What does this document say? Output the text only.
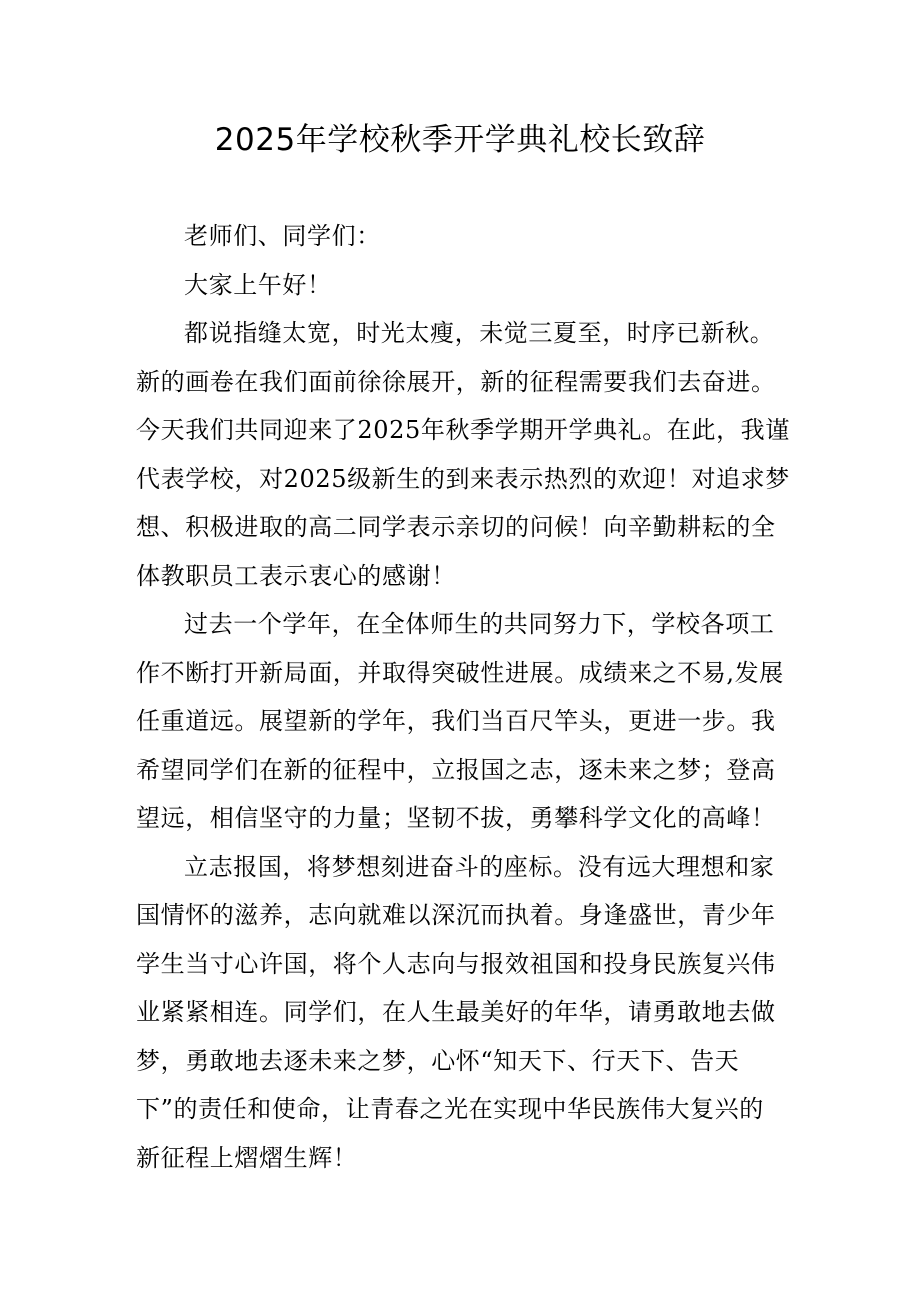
2025年学校秋季开学典礼校长致辞

老师们、同学们：

大家上午好！

都说指缝太宽，时光太瘦，未觉三夏至，时序已新秋。
新的画卷在我们面前徐徐展开，新的征程需要我们去奋进。
今天我们共同迎来了2025年秋季学期开学典礼。在此，我谨
代表学校，对2025级新生的到来表示热烈的欢迎！对追求梦
想、积极进取的高二同学表示亲切的问候！向辛勤耕耘的全
体教职员工表示衷心的感谢！
过去一个学年，在全体师生的共同努力下，学校各项工
作不断打开新局面，并取得突破性进展。成绩来之不易,发展
任重道远。展望新的学年，我们当百尺竿头，更进一步。我
希望同学们在新的征程中，立报国之志，逐未来之梦；登高
望远，相信坚守的力量；坚韧不拔，勇攀科学文化的高峰！
立志报国，将梦想刻进奋斗的座标。没有远大理想和家
国情怀的滋养，志向就难以深沉而执着。身逢盛世，青少年
学生当寸心许国，将个人志向与报效祖国和投身民族复兴伟
业紧紧相连。同学们，在人生最美好的年华，请勇敢地去做
梦，勇敢地去逐未来之梦，心怀“知天下、行天下、告天
下”的责任和使命，让青春之光在实现中华民族伟大复兴的
新征程上熠熠生辉！
